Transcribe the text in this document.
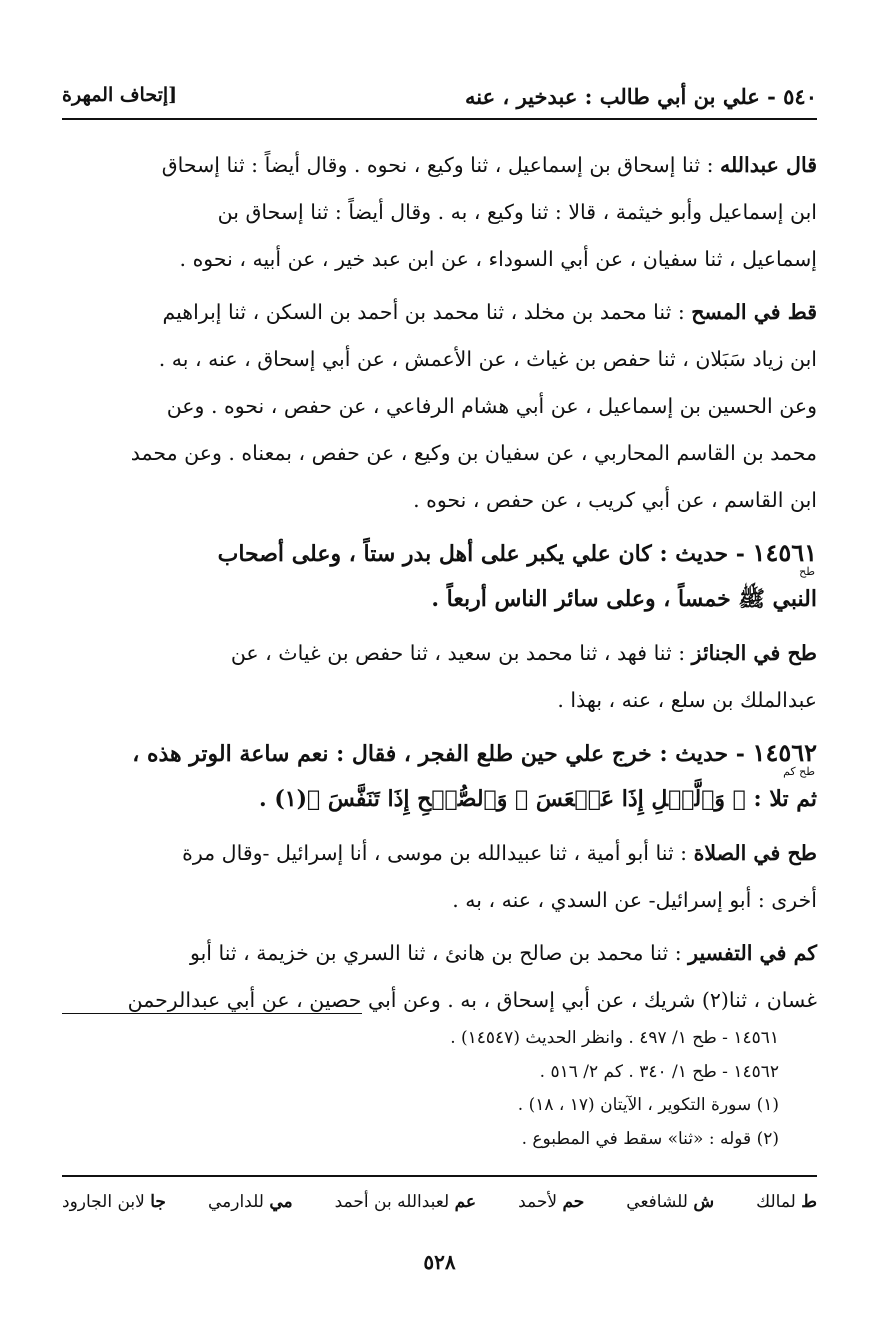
٥٤٠ - علي بن أبي طالب : عبدخير ، عنه
[إتحاف المهرة

قال عبدالله : ثنا إسحاق بن إسماعيل ، ثنا وكيع ، نحوه . وقال أيضاً : ثنا إسحاق
ابن إسماعيل وأبو خيثمة ، قالا : ثنا وكيع ، به . وقال أيضاً : ثنا إسحاق بن
إسماعيل ، ثنا سفيان ، عن أبي السوداء ، عن ابن عبد خير ، عن أبيه ، نحوه .

قط في المسح : ثنا محمد بن مخلد ، ثنا محمد بن أحمد بن السكن ، ثنا إبراهيم
ابن زياد سَبَلان ، ثنا حفص بن غياث ، عن الأعمش ، عن أبي إسحاق ، عنه ، به .
وعن الحسين بن إسماعيل ، عن أبي هشام الرفاعي ، عن حفص ، نحوه . وعن
محمد بن القاسم المحاربي ، عن سفيان بن وكيع ، عن حفص ، بمعناه . وعن محمد
ابن القاسم ، عن أبي كريب ، عن حفص ، نحوه .

١٤٥٦١
طح
- حديث : كان علي يكبر على أهل بدر ستاً ، وعلى أصحاب
النبي ﷺ خمساً ، وعلى سائر الناس أربعاً .

طح في الجنائز : ثنا فهد ، ثنا محمد بن سعيد ، ثنا حفص بن غياث ، عن
عبدالملك بن سلع ، عنه ، بهذا .

١٤٥٦٢
طح كم
- حديث : خرج علي حين طلع الفجر ، فقال : نعم ساعة الوتر هذه ،
ثم تلا : ﴿ وَٱلَّيۡلِ إِذَا عَسۡعَسَ ۞ وَٱلصُّبۡحِ إِذَا تَنَفَّسَ ﴾(١) .

طح في الصلاة : ثنا أبو أمية ، ثنا عبيدالله بن موسى ، أنا إسرائيل -وقال مرة
أخرى : أبو إسرائيل- عن السدي ، عنه ، به .

كم في التفسير : ثنا محمد بن صالح بن هانئ ، ثنا السري بن خزيمة ، ثنا أبو
غسان ، ثنا(٢) شريك ، عن أبي إسحاق ، به . وعن أبي حصين ، عن أبي عبدالرحمن

١٤٥٦١ - طح ١/ ٤٩٧ . وانظر الحديث (١٤٥٤٧) .
١٤٥٦٢ - طح ١/ ٣٤٠ . كم ٢/ ٥١٦ .
(١) سورة التكوير ، الآيتان (١٧ ، ١٨) .
(٢) قوله : «ثنا» سقط في المطبوع .
ط لمالك
ش للشافعي
حم لأحمد
عم لعبدالله بن أحمد
مي للدارمي
جا لابن الجارود
٥٢٨
